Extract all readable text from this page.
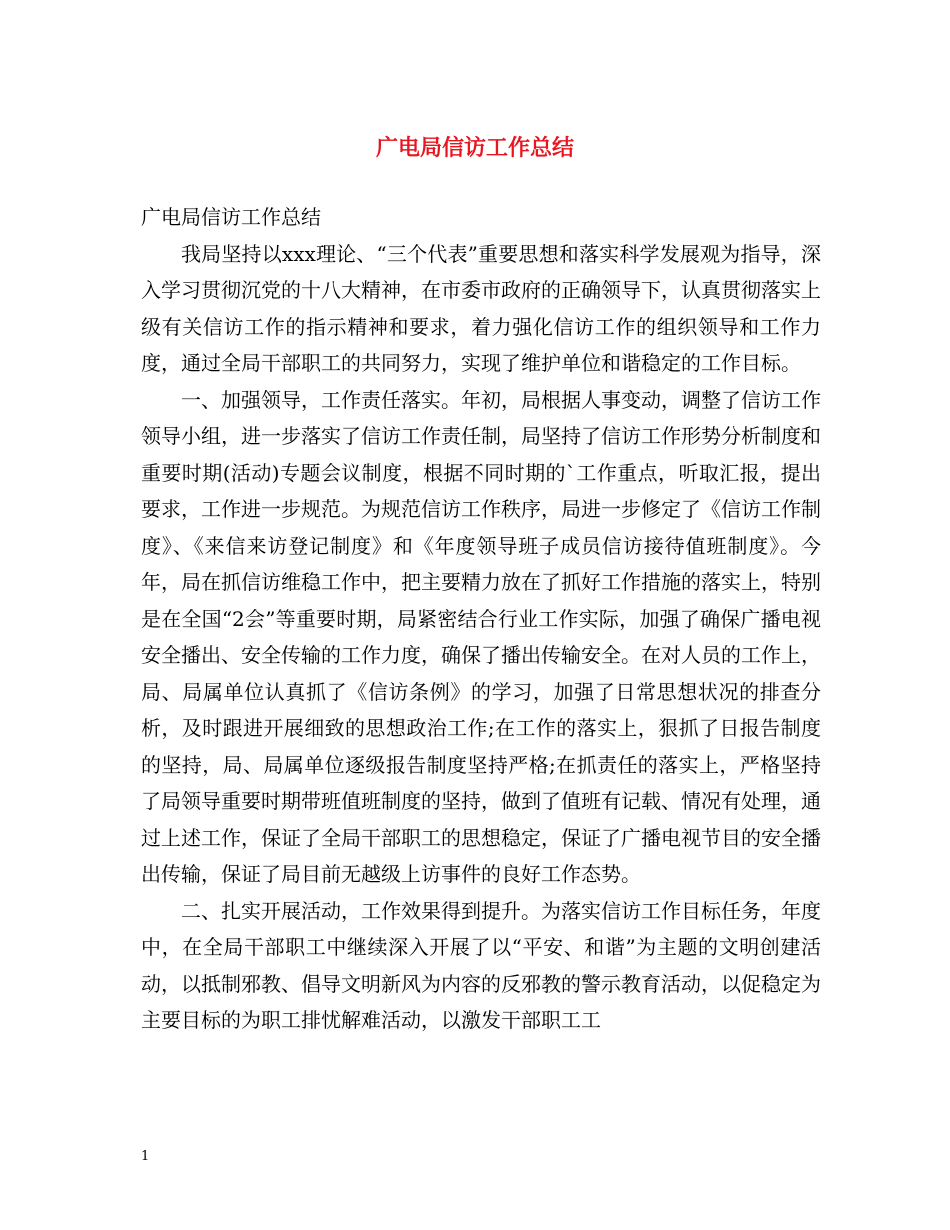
广电局信访工作总结

广电局信访工作总结

我局坚持以xxx理论、“三个代表”重要思想和落实科学发展观为指导，深入学习贯彻沉党的十八大精神，在市委市政府的正确领导下，认真贯彻落实上级有关信访工作的指示精神和要求，着力强化信访工作的组织领导和工作力度，通过全局干部职工的共同努力，实现了维护单位和谐稳定的工作目标。

一、加强领导，工作责任落实。年初，局根据人事变动，调整了信访工作领导小组，进一步落实了信访工作责任制，局坚持了信访工作形势分析制度和重要时期(活动)专题会议制度，根据不同时期的`工作重点，听取汇报，提出要求，工作进一步规范。为规范信访工作秩序，局进一步修定了《信访工作制度》、《来信来访登记制度》和《年度领导班子成员信访接待值班制度》。今年，局在抓信访维稳工作中，把主要精力放在了抓好工作措施的落实上，特别是在全国“2会”等重要时期，局紧密结合行业工作实际，加强了确保广播电视安全播出、安全传输的工作力度，确保了播出传输安全。在对人员的工作上，局、局属单位认真抓了《信访条例》的学习，加强了日常思想状况的排查分析，及时跟进开展细致的思想政治工作;在工作的落实上，狠抓了日报告制度的坚持，局、局属单位逐级报告制度坚持严格;在抓责任的落实上，严格坚持了局领导重要时期带班值班制度的坚持，做到了值班有记载、情况有处理，通过上述工作，保证了全局干部职工的思想稳定，保证了广播电视节目的安全播出传输，保证了局目前无越级上访事件的良好工作态势。

二、扎实开展活动，工作效果得到提升。为落实信访工作目标任务，年度中，在全局干部职工中继续深入开展了以“平安、和谐”为主题的文明创建活动，以抵制邪教、倡导文明新风为内容的反邪教的警示教育活动，以促稳定为主要目标的为职工排忧解难活动，以激发干部职工工

1
